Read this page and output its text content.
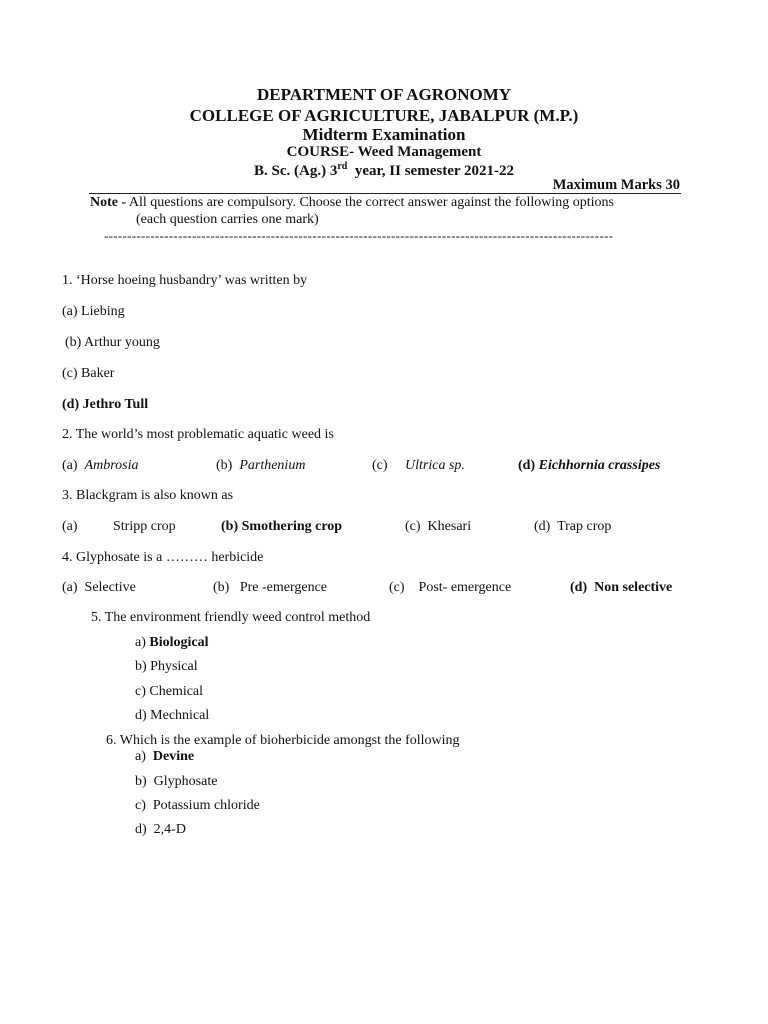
DEPARTMENT OF AGRONOMY
COLLEGE OF AGRICULTURE, JABALPUR (M.P.)
Midterm Examination
COURSE- Weed Management
B. Sc. (Ag.) 3rd  year, II semester 2021-22
Maximum Marks 30
Note - All questions are compulsory. Choose the correct answer against the following options
(each question carries one mark)
--------------------------------------------------------------------------------------------------------------
1. ‘Horse hoeing husbandry’ was written by
(a) Liebing
(b) Arthur young
(c) Baker
(d) Jethro Tull
2. The world’s most problematic aquatic weed is
(a) Ambrosia	(b) Parthenium	(c) Ultrica sp.	(d) Eichhornia crassipes
3. Blackgram is also known as
(a)	Stripp crop	(b) Smothering crop	(c) Khesari	(d) Trap crop
4. Glyphosate is a ……… herbicide
(a) Selective	(b) Pre -emergence	(c) Post- emergence	(d) Non selective
5. The environment friendly weed control method
a) Biological
b) Physical
c) Chemical
d) Mechnical
6. Which is the example of bioherbicide amongst the following
a) Devine
b) Glyphosate
c) Potassium chloride
d) 2,4-D
